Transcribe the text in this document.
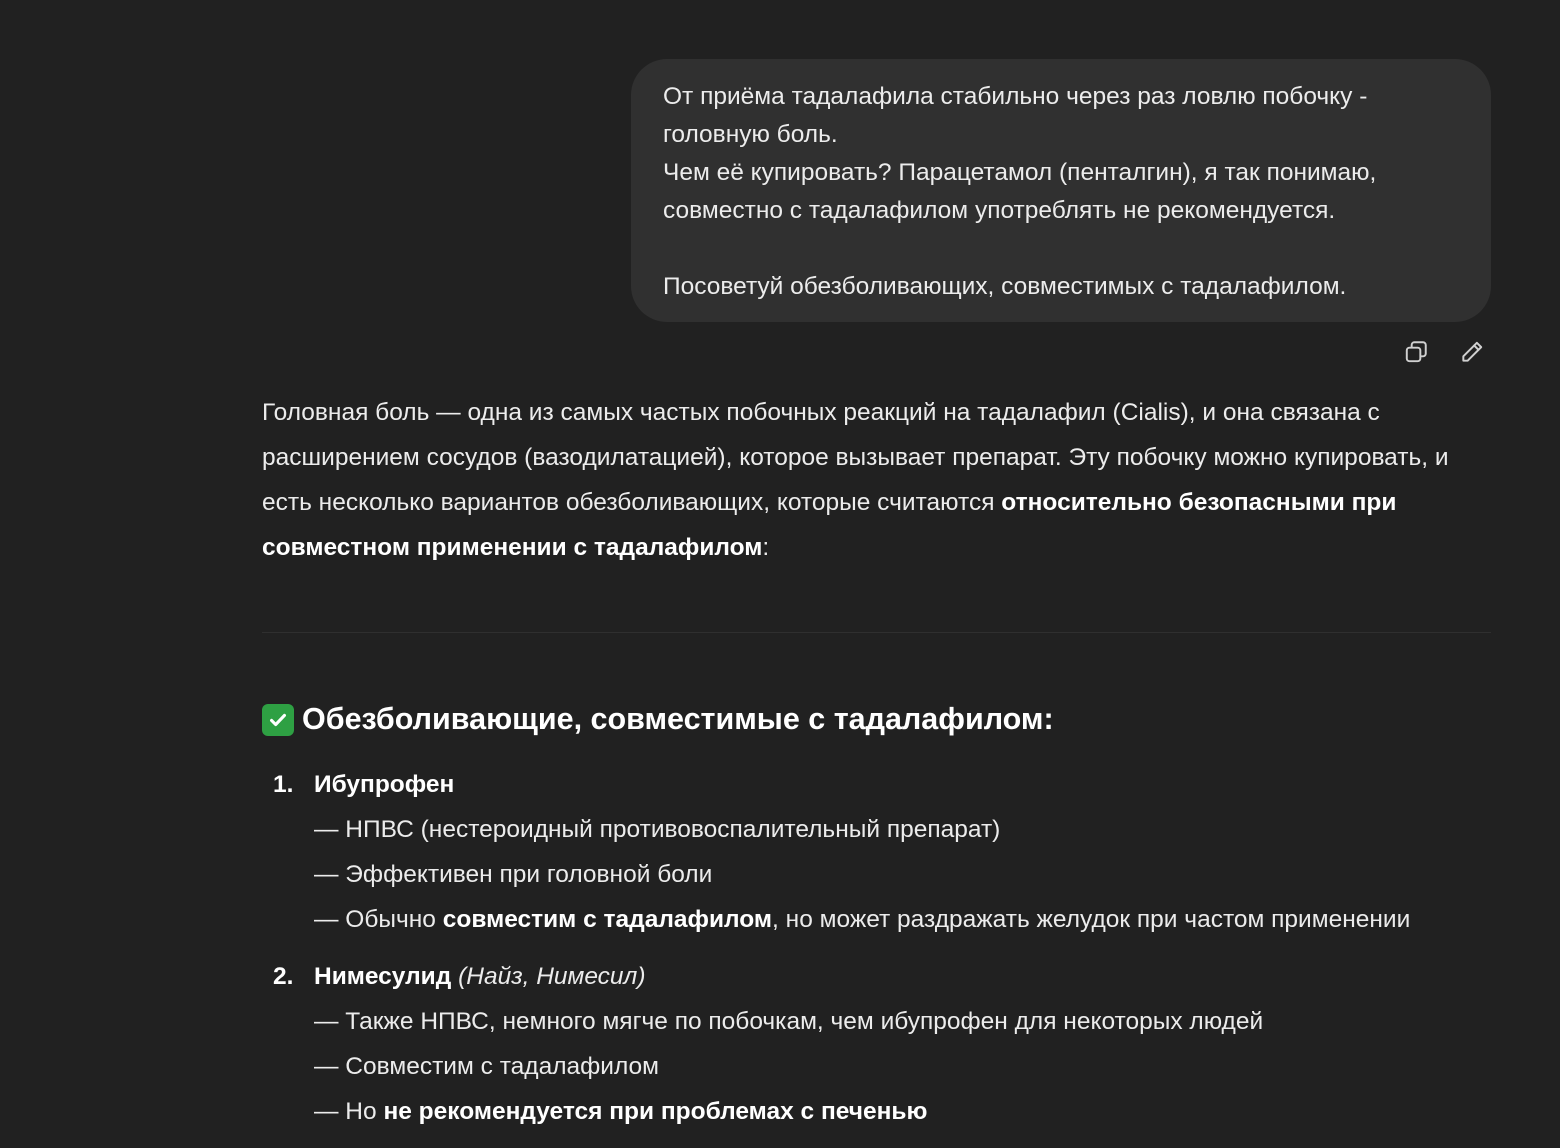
От приёма тадалафила стабильно через раз ловлю побочку -

головную боль.

Чем её купировать? Парацетамол (пенталгин), я так понимаю,

совместно с тадалафилом употреблять не рекомендуется.

Посоветуй обезболивающих, совместимых с тадалафилом.

Головная боль — одна из самых частых побочных реакций на тадалафил (Cialis), и она связана с расширением сосудов (вазодилатацией), которое вызывает препарат. Эту побочку можно купировать, и есть несколько вариантов обезболивающих, которые считаются относительно безопасными при совместном применении с тадалафилом:

Обезболивающие, совместимые с тадалафилом:
1. Ибупрофен
— НПВС (нестероидный противовоспалительный препарат)
— Эффективен при головной боли
— Обычно совместим с тадалафилом, но может раздражать желудок при частом применении
2. Нимесулид (Найз, Нимесил)
— Также НПВС, немного мягче по побочкам, чем ибупрофен для некоторых людей
— Совместим с тадалафилом
— Но не рекомендуется при проблемах с печенью
